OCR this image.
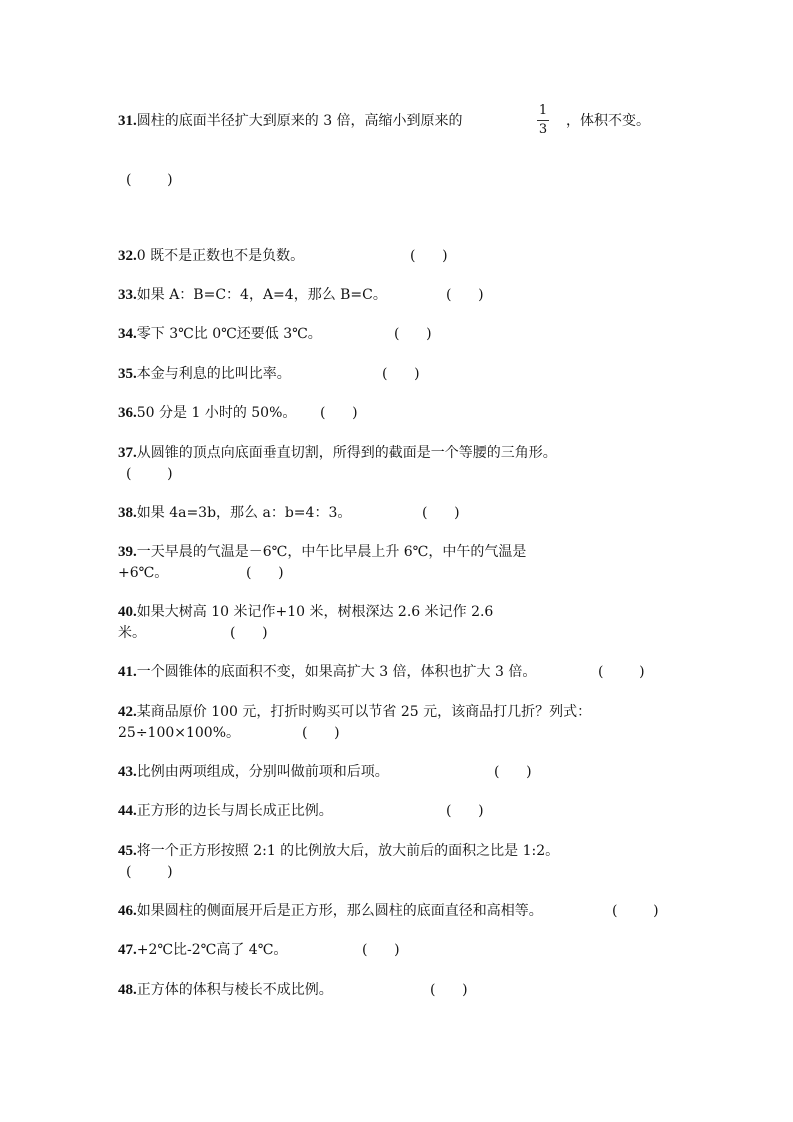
31.圆柱的底面半径扩大到原来的 3 倍，高缩小到原来的
1
3
，体积不变。
(        )
32.0 既不是正数也不是负数。	(      )
33.如果 A：B=C：4，A=4，那么 B=C。	(      )
34.零下 3℃比 0℃还要低 3℃。	(      )
35.本金与利息的比叫比率。	(      )
36.50 分是 1 小时的 50%。 (      )
37.从圆锥的顶点向底面垂直切割，所得到的截面是一个等腰的三角形。
(        )
38.如果 4a=3b，那么 a：b=4：3。	(      )
39.一天早晨的气温是－6℃，中午比早晨上升 6℃，中午的气温是
+6℃。	(      )
40.如果大树高 10 米记作+10 米，树根深达 2.6 米记作 2.6
米。	(      )
41.一个圆锥体的底面积不变，如果高扩大 3 倍，体积也扩大 3 倍。	(        )
42.某商品原价 100 元，打折时购买可以节省 25 元，该商品打几折？列式：
25÷100×100%。	(      )
43.比例由两项组成，分别叫做前项和后项。	(      )
44.正方形的边长与周长成正比例。	(      )
45.将一个正方形按照 2:1 的比例放大后，放大前后的面积之比是 1:2。
(        )
46.如果圆柱的侧面展开后是正方形，那么圆柱的底面直径和高相等。	(        )
47.+2℃比-2℃高了 4℃。	(      )
48.正方体的体积与棱长不成比例。	(      )
